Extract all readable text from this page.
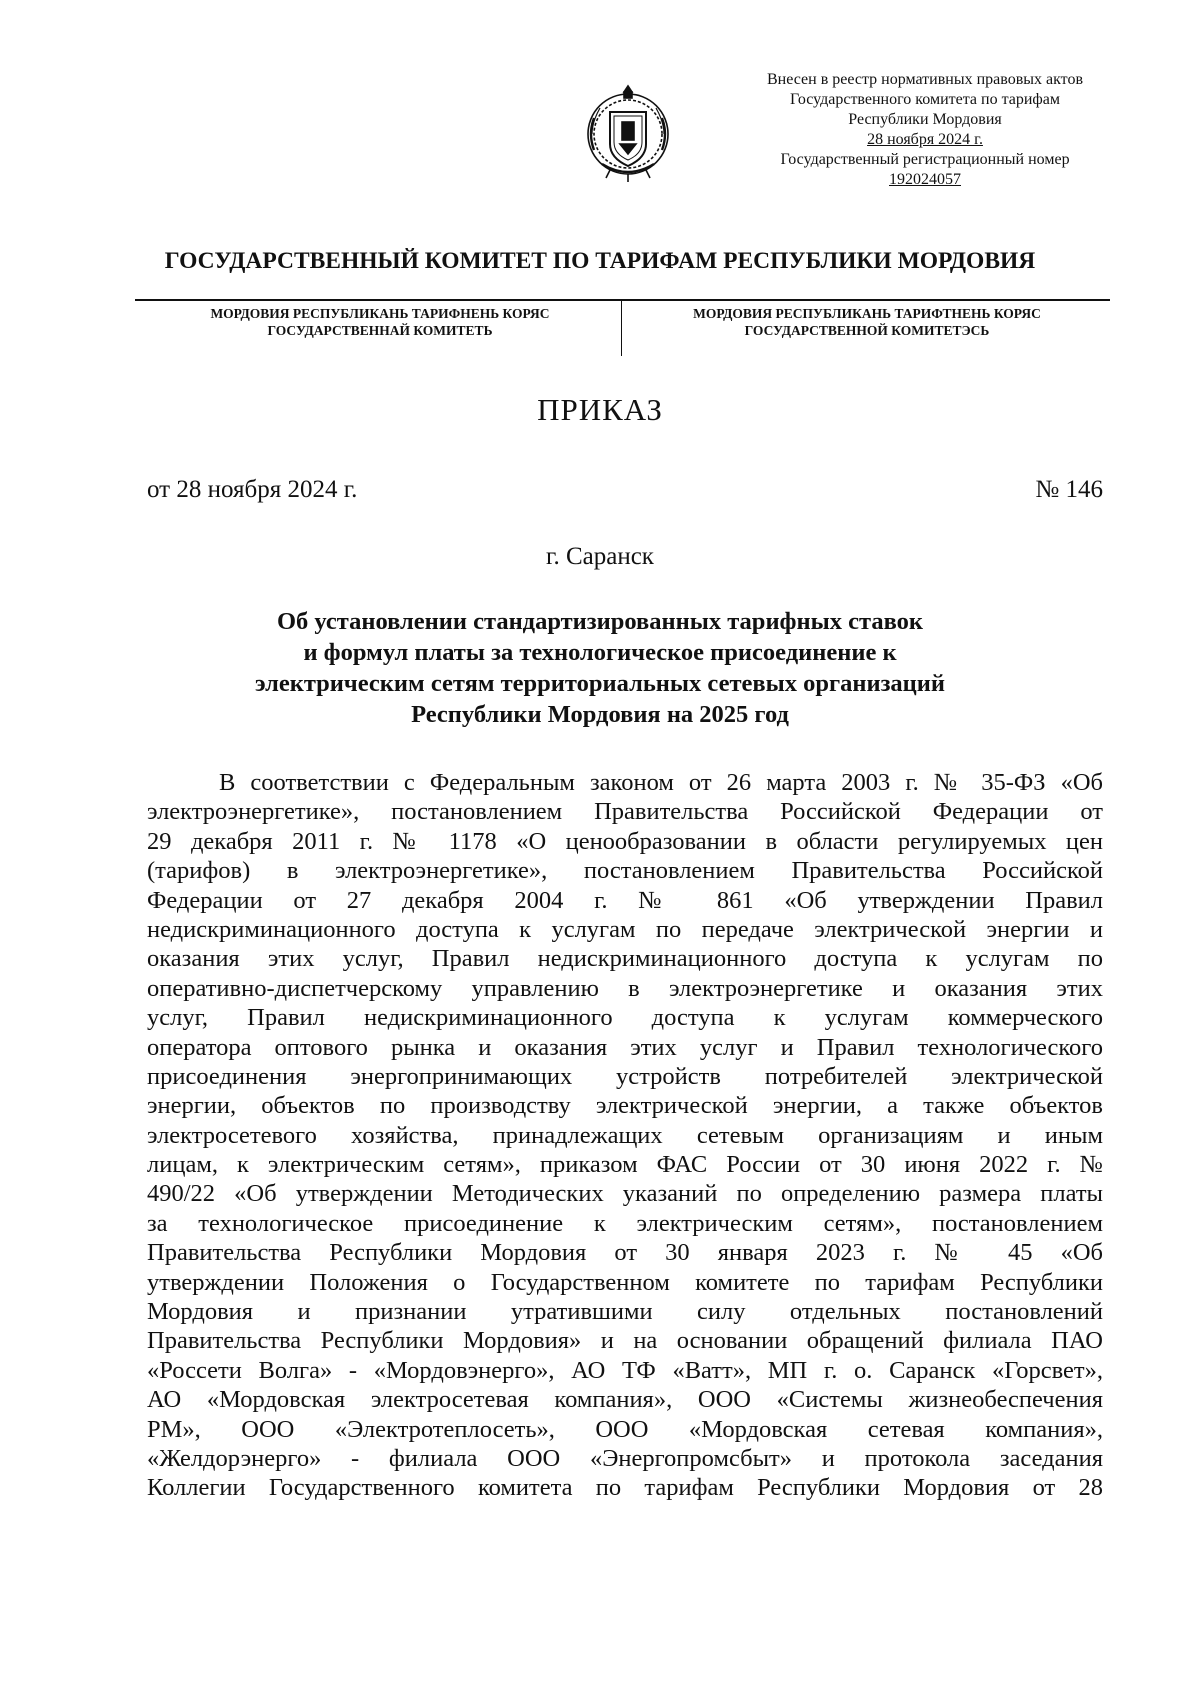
Внесен в реестр нормативных правовых актов
Государственного комитета по тарифам
Республики Мордовия
28 ноября 2024 г.
Государственный регистрационный номер
192024057
ГОСУДАРСТВЕННЫЙ КОМИТЕТ ПО ТАРИФАМ РЕСПУБЛИКИ МОРДОВИЯ
МОРДОВИЯ РЕСПУБЛИКАНЬ ТАРИФНЕНЬ КОРЯС
ГОСУДАРСТВЕННАЙ КОМИТЕТЬ
МОРДОВИЯ РЕСПУБЛИКАНЬ ТАРИФТНЕНЬ КОРЯС
ГОСУДАРСТВЕННОЙ КОМИТЕТЭСЬ
ПРИКАЗ
от 28 ноября 2024 г.	№ 146
г. Саранск
Об установлении стандартизированных тарифных ставок
и формул платы за технологическое присоединение к
электрическим сетям территориальных сетевых организаций
Республики Мордовия на 2025 год
В соответствии с Федеральным законом от 26 марта 2003 г. № 35-ФЗ «Об
электроэнергетике», постановлением Правительства Российской Федерации от
29 декабря 2011 г. № 1178 «О ценообразовании в области регулируемых цен
(тарифов) в электроэнергетике», постановлением Правительства Российской
Федерации от 27 декабря 2004 г. № 861 «Об утверждении Правил
недискриминационного доступа к услугам по передаче электрической энергии и
оказания этих услуг, Правил недискриминационного доступа к услугам по
оперативно-диспетчерскому управлению в электроэнергетике и оказания этих
услуг, Правил недискриминационного доступа к услугам коммерческого
оператора оптового рынка и оказания этих услуг и Правил технологического
присоединения энергопринимающих устройств потребителей электрической
энергии, объектов по производству электрической энергии, а также объектов
электросетевого хозяйства, принадлежащих сетевым организациям и иным
лицам, к электрическим сетям», приказом ФАС России от 30 июня 2022 г. №
490/22 «Об утверждении Методических указаний по определению размера платы
за технологическое присоединение к электрическим сетям», постановлением
Правительства Республики Мордовия от 30 января 2023 г. № 45 «Об
утверждении Положения о Государственном комитете по тарифам Республики
Мордовия и признании утратившими силу отдельных постановлений
Правительства Республики Мордовия» и на основании обращений филиала ПАО
«Россети Волга» - «Мордовэнерго», АО ТФ «Ватт», МП г. о. Саранск «Горсвет»,
АО «Мордовская электросетевая компания», ООО «Системы жизнеобеспечения
РМ», ООО «Электротеплосеть», ООО «Мордовская сетевая компания»,
«Желдорэнерго» - филиала ООО «Энергопромсбыт» и протокола заседания
Коллегии Государственного комитета по тарифам Республики Мордовия от 28
